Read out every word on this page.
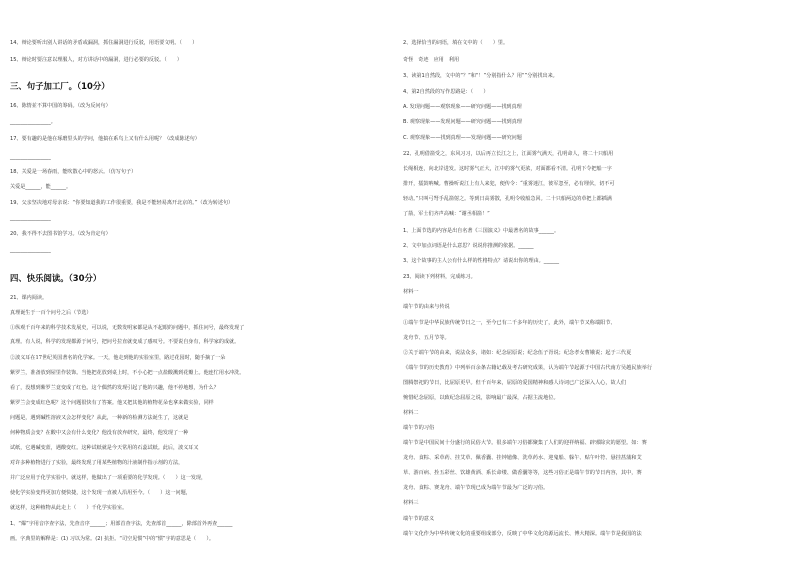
14、辩论要听出别人讲话的矛盾或漏洞，抓住漏洞进行反驳，用语要文明。（　　）
15、辩论时要注意以理服人，对方讲话中的漏洞，进行必要的反驳。（　　）
三、句子加工厂。（10分）
16、陈情並不算中国的筹码。（改为反问句）
________________。
17、要有趣的是他在琢磨里头的学问，他搞在系鸟上又有什么用呢？（改成陈述句）
________________
18、关爱是一场春雨，能吹散心中的怒云。（仿写句子）
关爱是______，能______。
19、父亲坚决地对母亲说：“你要知道我的工作很重要，我是不能轻易离开北京的。”（改为转述句）
________________
20、我不得不去图书馆学习。（改为肯定句）
________________
四、快乐阅读。（30分）
21、课内阅读。
真理诞生于一百个问号之后（节选）
①纵观千百年来的科学技术发展史，可以说，无数发明家都是从不起眼的问题中，抓住问号，最终发现了
真理。有人说，科学的发现都源于问号，把问号拉直就变成了感叹号。不要说自身有，科学家的成就。
②波义耳在17世纪英国著名的化学家。一天，他走到他的实验室里，路过花园时，随手摘了一朵
紫罗兰，准备放到屋里作装饰。当他把花放到桌上时，不小心把一点盐酸溅到花瓣上。他连忙用水冲洗。
看了，没想到紫罗兰竟变成了红色。这个偶然的发现引起了他的兴趣，他不停地想，为什么？
紫罗兰会变成红色呢？这个问题很快有了答案。他又把其他的植物花朵也拿来做实验，同样
问题是，遇到碱性溶液又会怎样变化？从此，一种新的检测方法诞生了，这就是
何种物质会变？在酸中又会有什么变化？他没有放弃研究，最终，他发现了一种
试纸，它遇碱变蓝，遇酸变红。这种试纸就是今天常用的石蕊试纸。此后，波义耳又
对许多种植物进行了实验，最终发现了用某些植物的汁液制作指示剂的方法，
并广泛应用于化学实验中。就这样，他做出了一项重要的化学发现。（　　）这一发现，
使化学实验变得更加方便快捷，这个发现一直被人沿用至今。（　　）这一问题，
就这样，这种植物从此走上（　　）千化学实验室。
1、“爆”字用音序查字法，先查音序______；用部首查字法，先查部首______，除部首外再查______
画。字典里的解释是：(1) 习以为常。(2) 抗拒。“司空见惯”中的“惯”字的意思是（　　）。
2、选择恰当的词语，填在文中的（　　）里。
奇怪　奇迹　应用　利用
3、读第1自然段，文中的“？”和“！”分别指什么？用“”分别找出来。
4、第2自然段的写作思路是：（　　）
A. 发现问题——观察现象——研究问题——找到真理
B. 观察现象——发现问题——研究问题——找到真理
C. 观察现象——找到真理——发现问题——研究问题
22、孔明借箭受之，东风习习，以后再立长江之上，江面雾气满天，孔明命人，将二十只船用
长绳相连，向北岸进发。这时雾气正大，江中的雾气更浓，对面都看不清。孔明下令把船一字
排开，擂鼓呐喊。曹操听说江上有人来犯，便传令：“重雾迷江，彼军忽至，必有埋伏，切不可
轻动。”只叫弓弩手乱箭射之。等到日高雾散，孔明令收船急回。二十只船两边的草把上都插满
了箭，军士们齐声高喊：“谢丞相箭！”
1、上面节选的内容是出自名著《三国演义》中最著名的故事______。
2、文中加点词语是什么意思？说说你推测的依据。______
3、这个故事的主人公有什么样的性格特点？请说出你的理由。______
23、阅读下列材料，完成练习。
材料一
端午节的由来与传说
①端午节是中华民族传统节日之一，至今已有二千多年的历史了，此外，端午节又称端阳节、
龙舟节、五月节等。
②关于端午节的由来，说法众多，诸如：纪念屈原说；纪念伍子胥说；纪念孝女曹娥说；起于三代夏
《端午节的历史教育》中列举百余条古籍记载及考古研究成果，认为端午节起源于中国古代南方吴越民族举行
图腾祭祀的节日，比屈原更早。但千百年来，屈原的爱国精神和感人诗词已广泛深入人心，故人们
惋惜纪念屈原，以致纪念屈原之说，影响最广最深，占据主流地位。
材料二
端午节的习俗
端午节是中国民间十分盛行的民俗大节。很多端午习俗都聚集了人们的迎祥纳福、辟邪除灾的愿望。如：赛
龙舟、食粽、采草药、挂艾草、佩香囊、挂钟馗像、洗草药水、迎鬼船、躲午、贴午叶符、悬挂菖蒲和艾
草、游百病、拴五彩丝、饮雄黄酒、系长命缕、做香囊等等，这些习俗正是端午节的节日内容，其中，赛
龙舟、食粽、赛龙舟、端午节现已成为端午节最为广泛的习俗。
材料三
端午节的意义
端午文化作为中华传统文化的重要组成部分，反映了中华文化的源远流长、博大精深。端午节是我国的法
